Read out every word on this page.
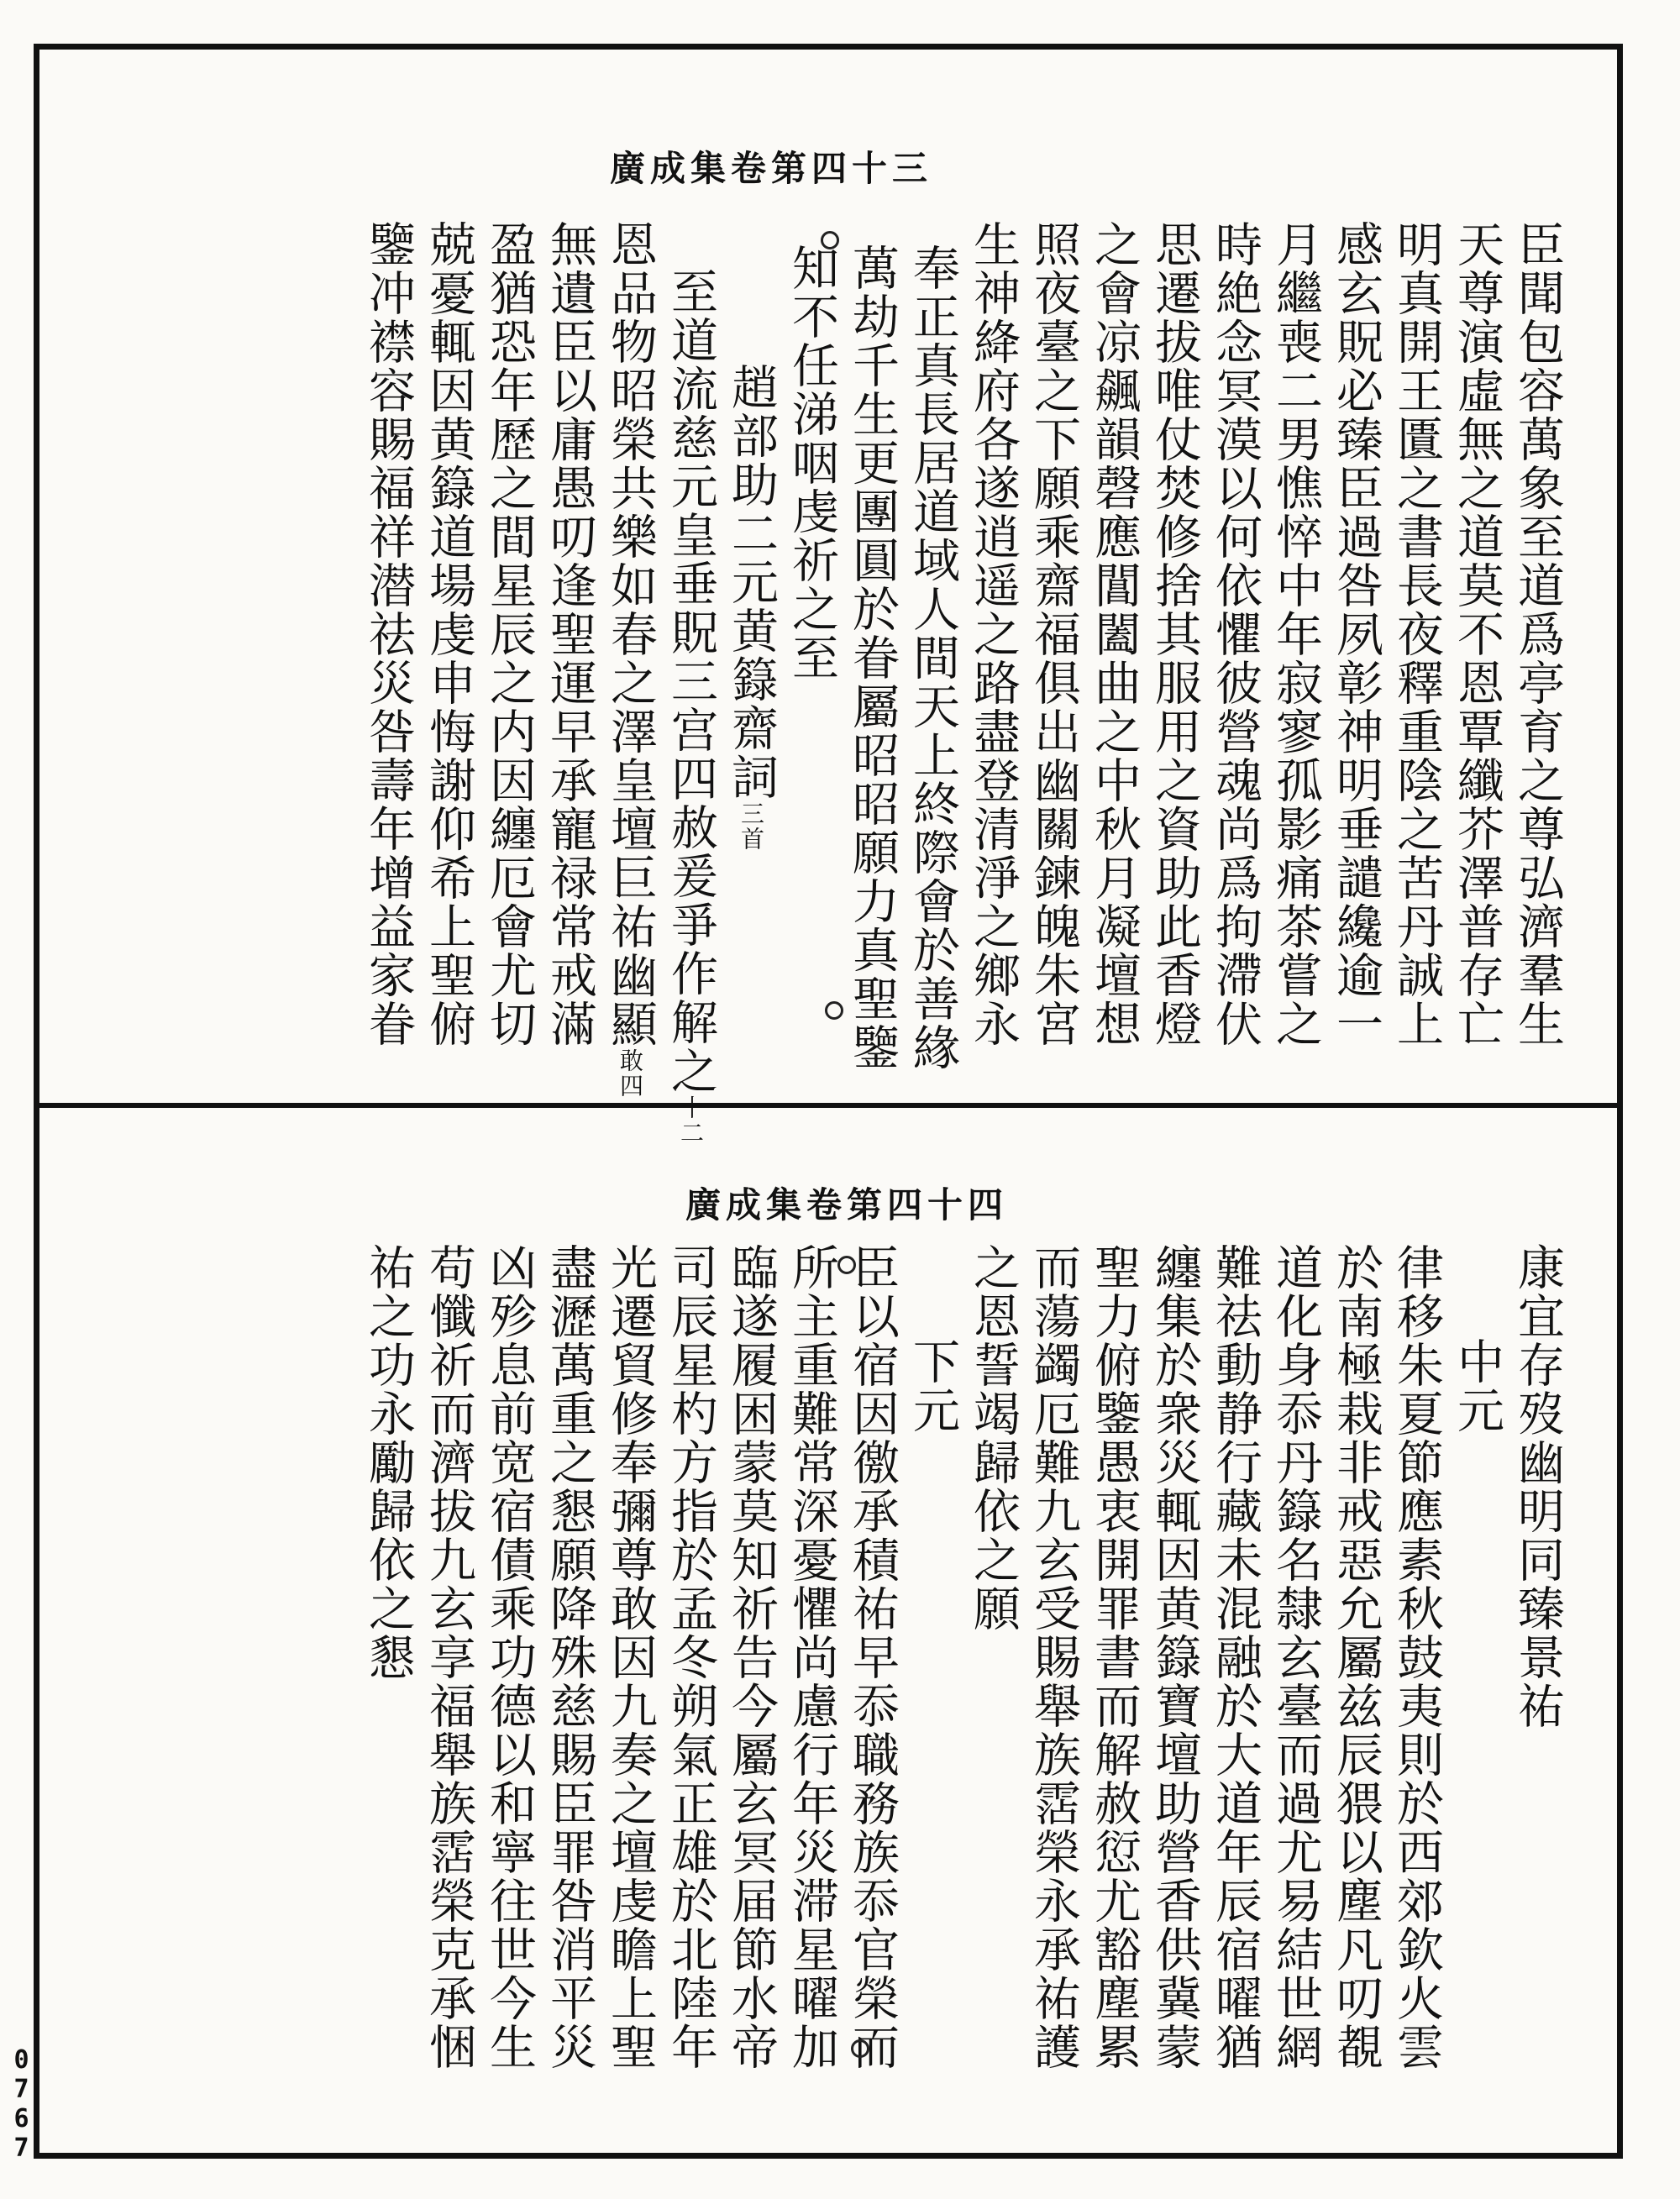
廣成集卷第四十三
臣聞包容萬象至道爲亭育之尊弘濟羣生
天尊演虛無之道莫不恩覃纖芥澤普存亡
明真開王匱之書長夜釋重陰之苦丹誠上
感玄貺必臻臣過咎夙彰神明垂譴纔逾一
月繼喪二男憔悴中年寂寥孤影痛茶嘗之
時絶念冥漠以何依懼彼營魂尚爲拘滯伏
思遷拔唯仗焚修捨其服用之資助此香燈
之會凉飆韻磬應閶闔曲之中秋月凝壇想
照夜臺之下願乘齋福俱出幽關鍊魄朱宮
生神絳府各遂逍遥之路盡登清淨之鄉永
奉正真長居道域人間天上終際會於善緣
萬劫千生更團圓於眷屬昭昭願力真聖鑒
知不任涕咽虔祈之至
趙部助二元黄籙齋詞三首
至道流慈元皇垂貺三宫四赦爰爭作解之十二
恩品物昭榮共樂如春之澤皇壇巨祐幽顯敢四
無遺臣以庸愚叨逢聖運早承寵禄常戒滿
盈猶恐年歷之間星辰之内因纏厄會尤切
兢憂輒因黄籙道場虔申悔謝仰希上聖俯
鑒冲襟容賜福祥潜祛災咎壽年增益家眷
廣成集卷第四十四
康宜存歿幽明同臻景祐
中元
律移朱夏節應素秋鼓夷則於西郊欽火雲
於南極栽非戒惡允屬兹辰猥以塵凡叨覩
道化身忝丹籙名隸玄臺而過尤易結世網
難祛動静行藏未混融於大道年辰宿曜猶
纏集於衆災輒因黄籙寶壇助營香供冀蒙
聖力俯鑒愚衷開罪書而解赦愆尤豁塵累
而蕩蠲厄難九玄受賜舉族霑榮永承祐護
之恩誓竭歸依之願
下元
臣以宿因徼承積祐早忝職務族忝官榮而
所主重難常深憂懼尚慮行年災滞星曜加
臨遂履困蒙莫知祈告今屬玄冥届節水帝
司辰星杓方指於孟冬朔氣正雄於北陸年
光遷貿修奉彌尊敢因九奏之壇虔瞻上聖
盡瀝萬重之懇願降殊慈賜臣罪咎消平災
凶殄息前宽宿債乘功德以和寧往世今生
苟懺祈而濟拔九玄享福舉族霑榮克承悃
祐之功永勵歸依之懇
0767
